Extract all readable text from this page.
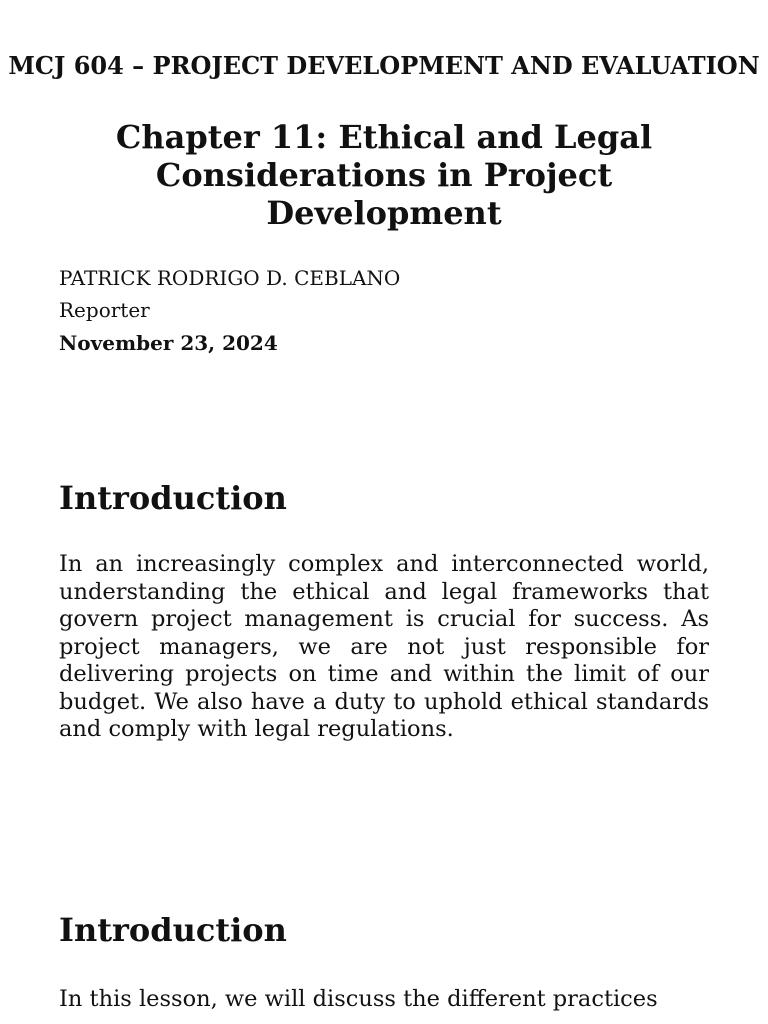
MCJ 604 – PROJECT DEVELOPMENT AND EVALUATION
Chapter 11: Ethical and Legal Considerations in Project Development
PATRICK RODRIGO D. CEBLANO
Reporter
November 23, 2024
Introduction
In an increasingly complex and interconnected world, understanding the ethical and legal frameworks that govern project management is crucial for success. As project managers, we are not just responsible for delivering projects on time and within the limit of our budget. We also have a duty to uphold ethical standards and comply with legal regulations.
Introduction
In this lesson, we will discuss the different practices
